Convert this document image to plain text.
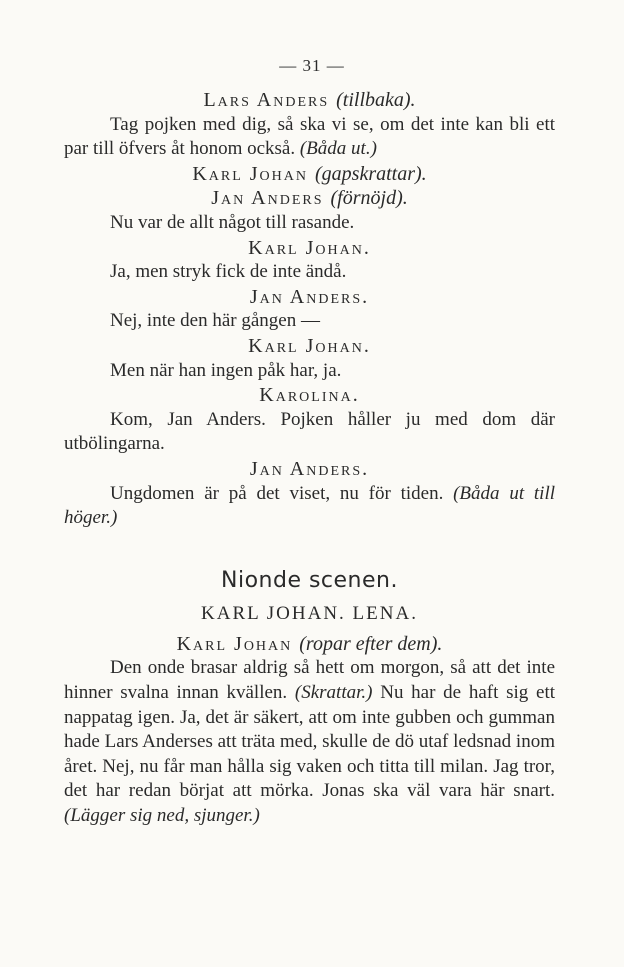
— 31 —
Lars Anders (tillbaka).
Tag pojken med dig, så ska vi se, om det inte kan bli ett par till öfvers åt honom också. (Båda ut.)
Karl Johan (gapskrattar).
Jan Anders (förnöjd).
Nu var de allt något till rasande.
Karl Johan.
Ja, men stryk fick de inte ändå.
Jan Anders.
Nej, inte den här gången —
Karl Johan.
Men när han ingen påk har, ja.
Karolina.
Kom, Jan Anders. Pojken håller ju med dom där utbölingarna.
Jan Anders.
Ungdomen är på det viset, nu för tiden. (Båda ut till höger.)
Nionde scenen.
KARL JOHAN. LENA.
Karl Johan (ropar efter dem).
Den onde brasar aldrig så hett om morgon, så att det inte hinner svalna innan kvällen. (Skrattar.) Nu har de haft sig ett nappatag igen. Ja, det är säkert, att om inte gubben och gumman hade Lars Anderses att träta med, skulle de dö utaf ledsnad inom året. Nej, nu får man hålla sig vaken och titta till milan. Jag tror, det har redan börjat att mörka. Jonas ska väl vara här snart. (Lägger sig ned, sjunger.)
